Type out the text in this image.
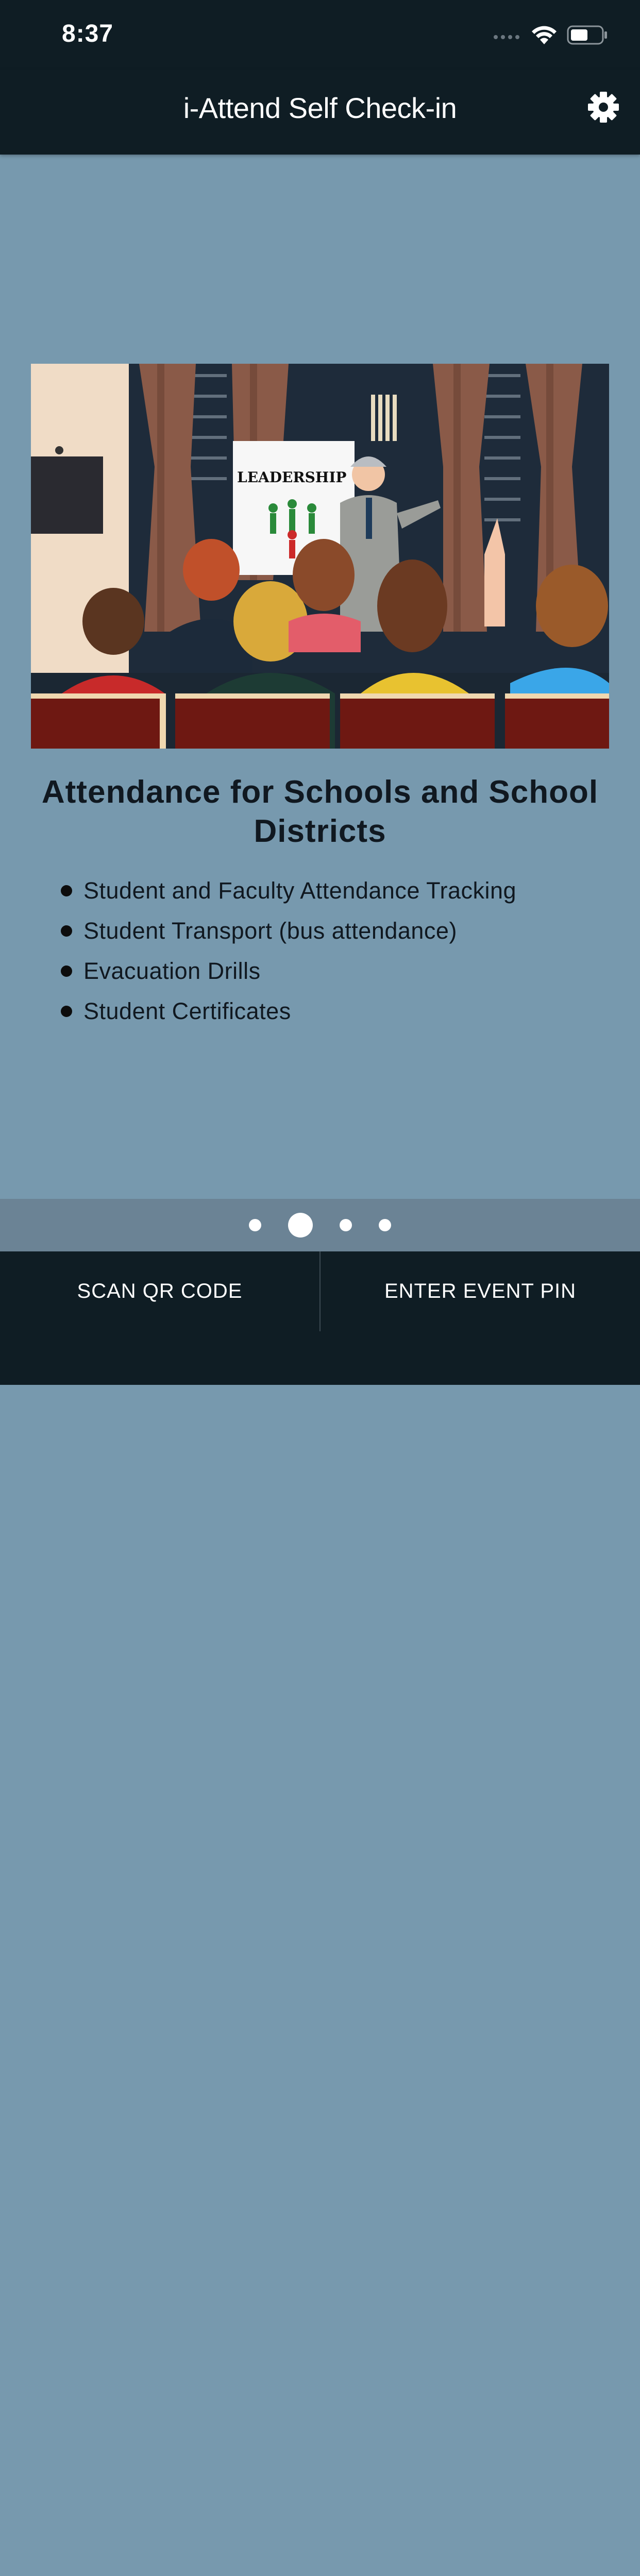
8:37
i-Attend Self Check-in
LEADERSHIP
Attendance for Schools and School Districts
Student and Faculty Attendance Tracking
Student Transport (bus attendance)
Evacuation Drills
Student Certificates
SCAN QR CODE	ENTER EVENT PIN
